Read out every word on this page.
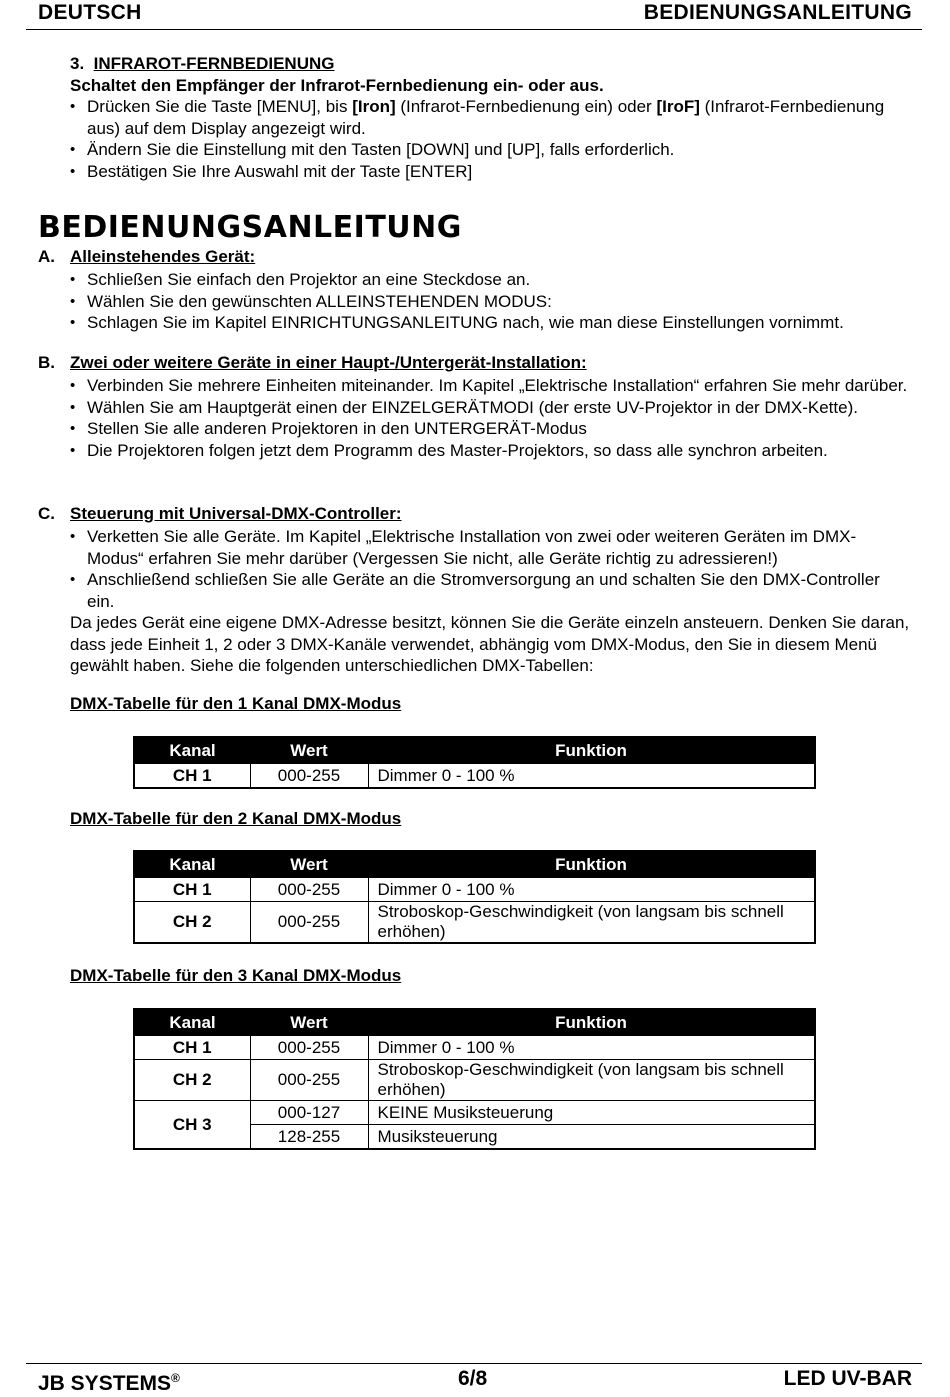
DEUTSCH	BEDIENUNGSANLEITUNG
3. INFRAROT-FERNBEDIENUNG
Schaltet den Empfänger der Infrarot-Fernbedienung ein- oder aus.
• Drücken Sie die Taste [MENU], bis [Iron] (Infrarot-Fernbedienung ein) oder [IroF] (Infrarot-Fernbedienung aus) auf dem Display angezeigt wird.
• Ändern Sie die Einstellung mit den Tasten [DOWN] und [UP], falls erforderlich.
• Bestätigen Sie Ihre Auswahl mit der Taste [ENTER]
BEDIENUNGSANLEITUNG
A. Alleinstehendes Gerät:
• Schließen Sie einfach den Projektor an eine Steckdose an.
• Wählen Sie den gewünschten ALLEINSTEHENDEN MODUS:
• Schlagen Sie im Kapitel EINRICHTUNGSANLEITUNG nach, wie man diese Einstellungen vornimmt.
B. Zwei oder weitere Geräte in einer Haupt-/Untergerät-Installation:
• Verbinden Sie mehrere Einheiten miteinander. Im Kapitel „Elektrische Installation“ erfahren Sie mehr darüber.
• Wählen Sie am Hauptgerät einen der EINZELGERÄTMODI (der erste UV-Projektor in der DMX-Kette).
• Stellen Sie alle anderen Projektoren in den UNTERGERÄT-Modus
• Die Projektoren folgen jetzt dem Programm des Master-Projektors, so dass alle synchron arbeiten.
C. Steuerung mit Universal-DMX-Controller:
• Verketten Sie alle Geräte. Im Kapitel „Elektrische Installation von zwei oder weiteren Geräten im DMX-Modus“ erfahren Sie mehr darüber (Vergessen Sie nicht, alle Geräte richtig zu adressieren!)
• Anschließend schließen Sie alle Geräte an die Stromversorgung an und schalten Sie den DMX-Controller ein.
Da jedes Gerät eine eigene DMX-Adresse besitzt, können Sie die Geräte einzeln ansteuern. Denken Sie daran, dass jede Einheit 1, 2 oder 3 DMX-Kanäle verwendet, abhängig vom DMX-Modus, den Sie in diesem Menü gewählt haben. Siehe die folgenden unterschiedlichen DMX-Tabellen:
DMX-Tabelle für den 1 Kanal DMX-Modus
Kanal	Wert	Funktion
CH 1	000-255	Dimmer 0 - 100 %
DMX-Tabelle für den 2 Kanal DMX-Modus
Kanal	Wert	Funktion
CH 1	000-255	Dimmer 0 - 100 %
CH 2	000-255	Stroboskop-Geschwindigkeit (von langsam bis schnell erhöhen)
DMX-Tabelle für den 3 Kanal DMX-Modus
Kanal	Wert	Funktion
CH 1	000-255	Dimmer 0 - 100 %
CH 2	000-255	Stroboskop-Geschwindigkeit (von langsam bis schnell erhöhen)
CH 3	000-127	KEINE Musiksteuerung
	128-255	Musiksteuerung
JB SYSTEMS®	6/8	LED UV-BAR
